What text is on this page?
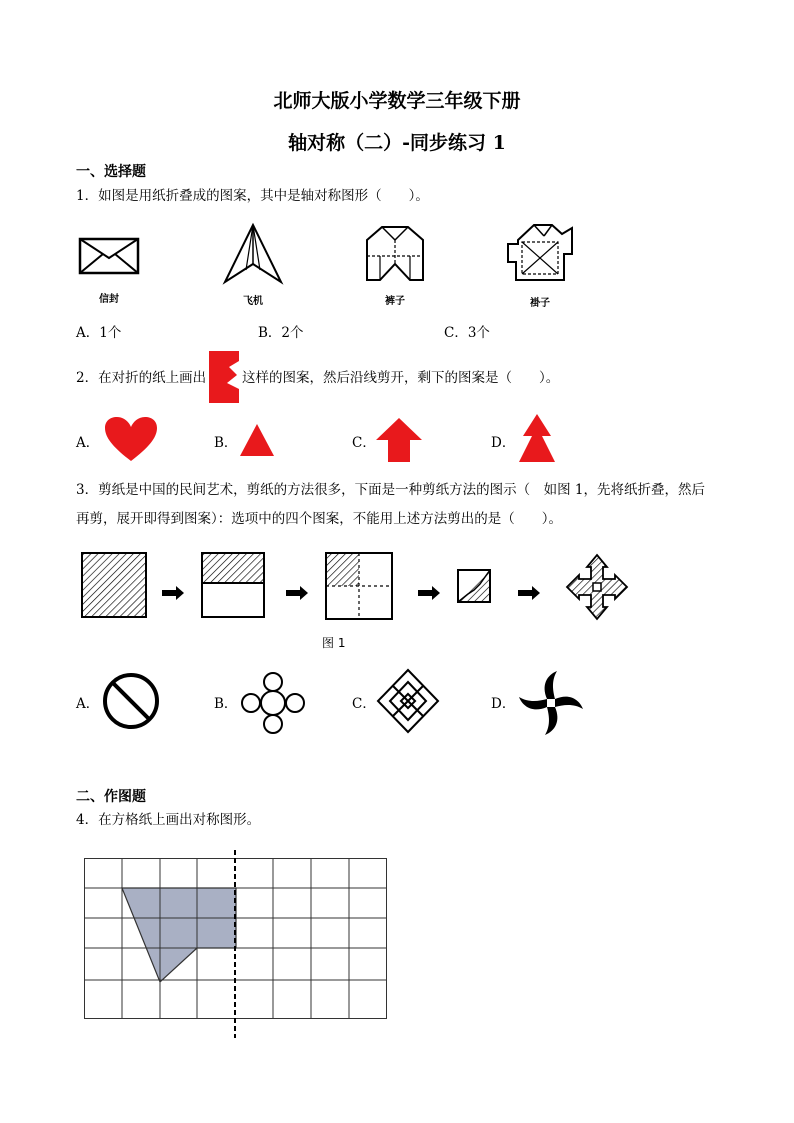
北师大版小学数学三年级下册
轴对称（二）-同步练习 1
一、选择题
1．如图是用纸折叠成的图案，其中是轴对称图形（　　）。
信封	飞机	裤子	褂子
A．1个	B．2个	C．3个
2．在对折的纸上画出	这样的图案，然后沿线剪开，剩下的图案是（　　）。
A．	B．	C．	D．
3．剪纸是中国的民间艺术，剪纸的方法很多，下面是一种剪纸方法的图示（　如图 1，先将纸折叠，然后
再剪，展开即得到图案）：选项中的四个图案，不能用上述方法剪出的是（　　）。
图 1
A．	B．	C．	D．
二、作图题
4．在方格纸上画出对称图形。
